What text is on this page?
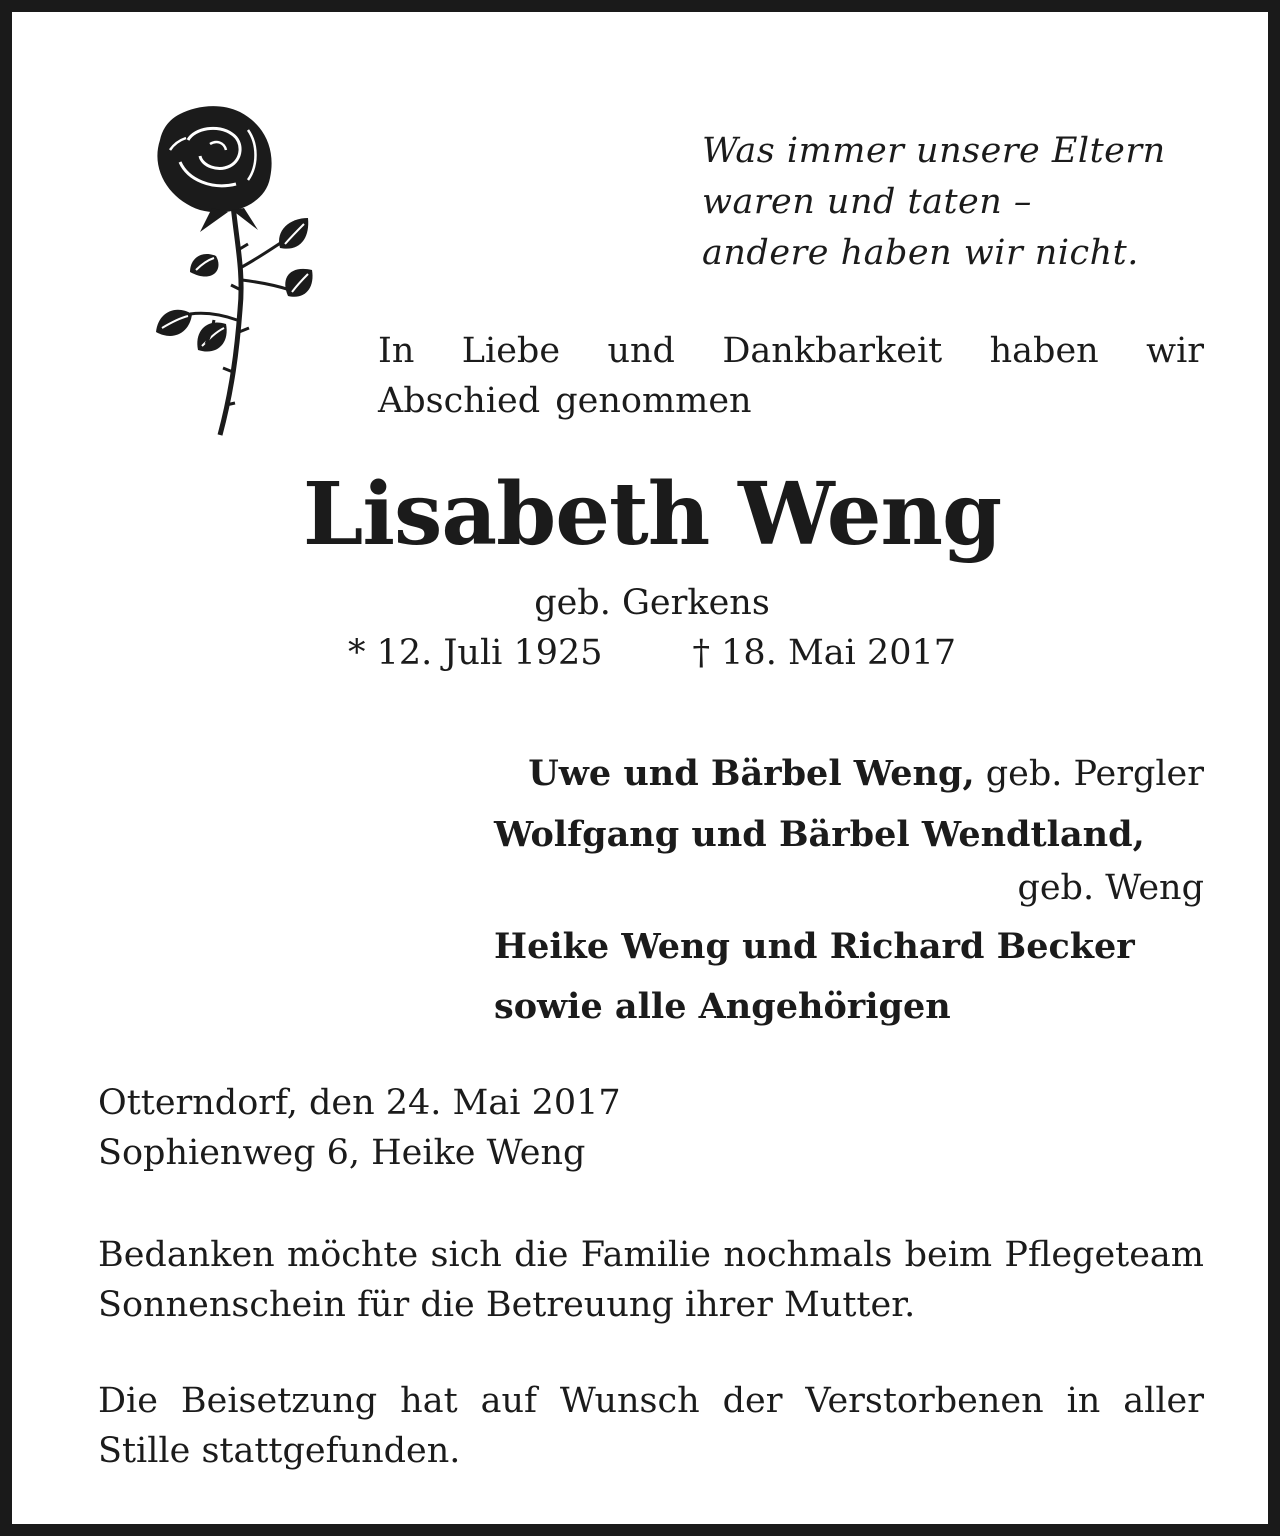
Was immer unsere Eltern
waren und taten –
andere haben wir nicht.
In Liebe und Dankbarkeit haben wir Abschied genommen
Lisabeth Weng
geb. Gerkens
* 12. Juli 1925	† 18. Mai 2017
Uwe und Bärbel Weng, geb. Pergler
Wolfgang und Bärbel Wendtland,
geb. Weng
Heike Weng und Richard Becker
sowie alle Angehörigen
Otterndorf, den 24. Mai 2017
Sophienweg 6, Heike Weng
Bedanken möchte sich die Familie nochmals beim Pflegeteam Sonnenschein für die Betreuung ihrer Mutter.
Die Beisetzung hat auf Wunsch der Verstorbenen in aller Stille stattgefunden.
